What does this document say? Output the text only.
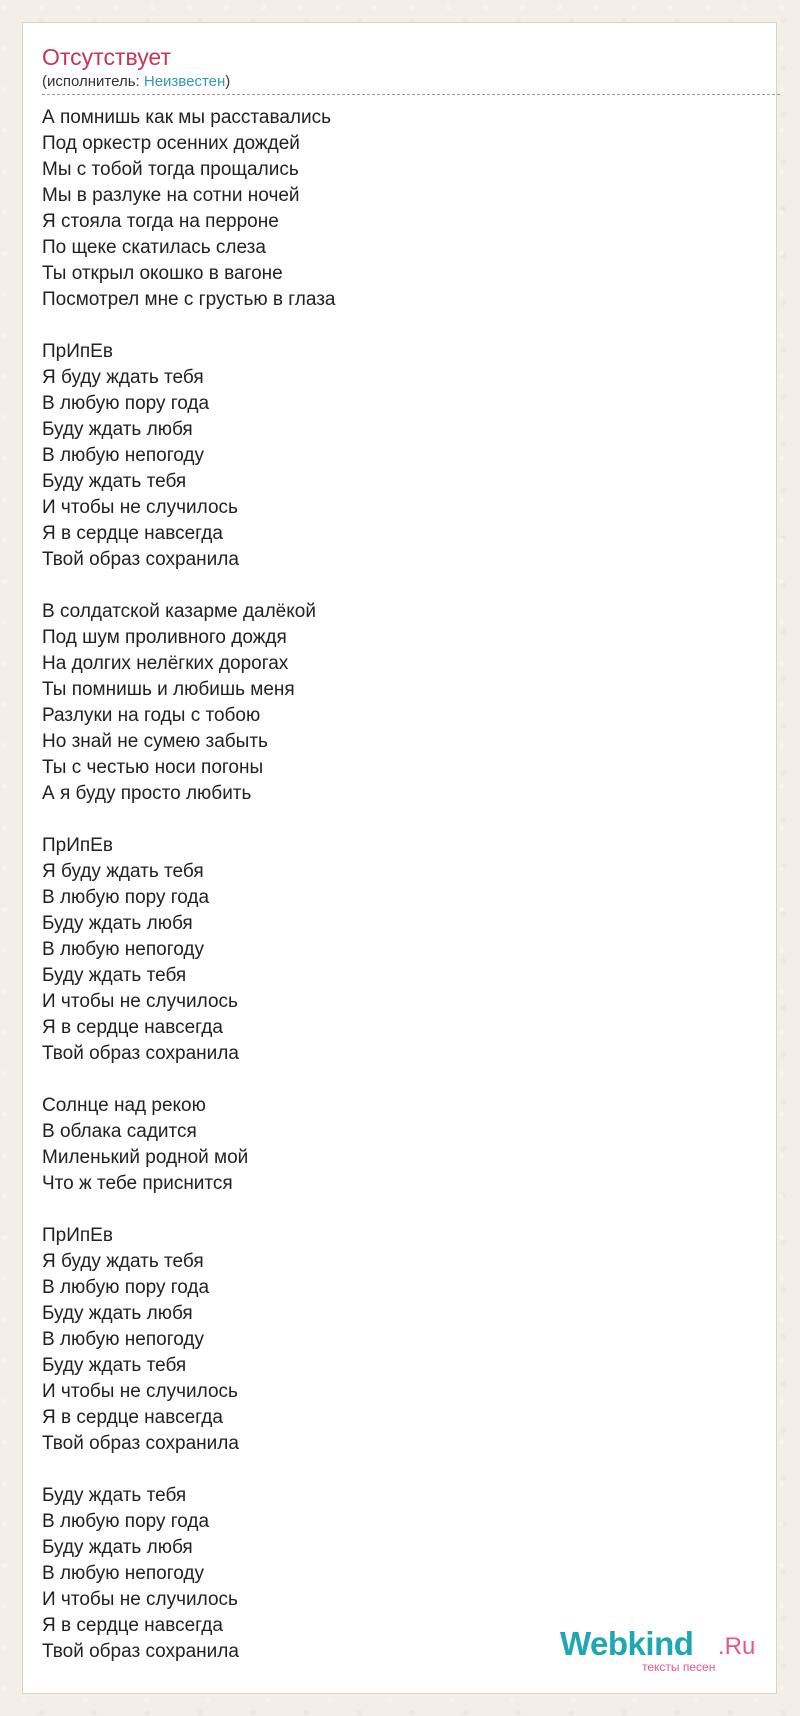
Отсутствует
(исполнитель: Неизвестен)
А помнишь как мы расставались
Под оркестр осенних дождей
Мы с тобой тогда прощались
Мы в разлуке на сотни ночей
Я стояла тогда на перроне
По щеке скатилась слеза
Ты открыл окошко в вагоне
Посмотрел мне с грустью в глаза

ПрИпЕв
Я буду ждать тебя
В любую пору года
Буду ждать любя
В любую непогоду
Буду ждать тебя
И чтобы не случилось
Я в сердце навсегда
Твой образ сохранила

В солдатской казарме далёкой
Под шум проливного дождя
На долгих нелёгких дорогах
Ты помнишь и любишь меня
Разлуки на годы с тобою
Но знай не сумею забыть
Ты с честью носи погоны
А я буду просто любить

ПрИпЕв
Я буду ждать тебя
В любую пору года
Буду ждать любя
В любую непогоду
Буду ждать тебя
И чтобы не случилось
Я в сердце навсегда
Твой образ сохранила

Солнце над рекою
В облака садится
Миленький родной мой
Что ж тебе приснится

ПрИпЕв
Я буду ждать тебя
В любую пору года
Буду ждать любя
В любую непогоду
Буду ждать тебя
И чтобы не случилось
Я в сердце навсегда
Твой образ сохранила

Буду ждать тебя
В любую пору года
Буду ждать любя
В любую непогоду
И чтобы не случилось
Я в сердце навсегда
Твой образ сохранила	Webkind .Ru
тексты песен
